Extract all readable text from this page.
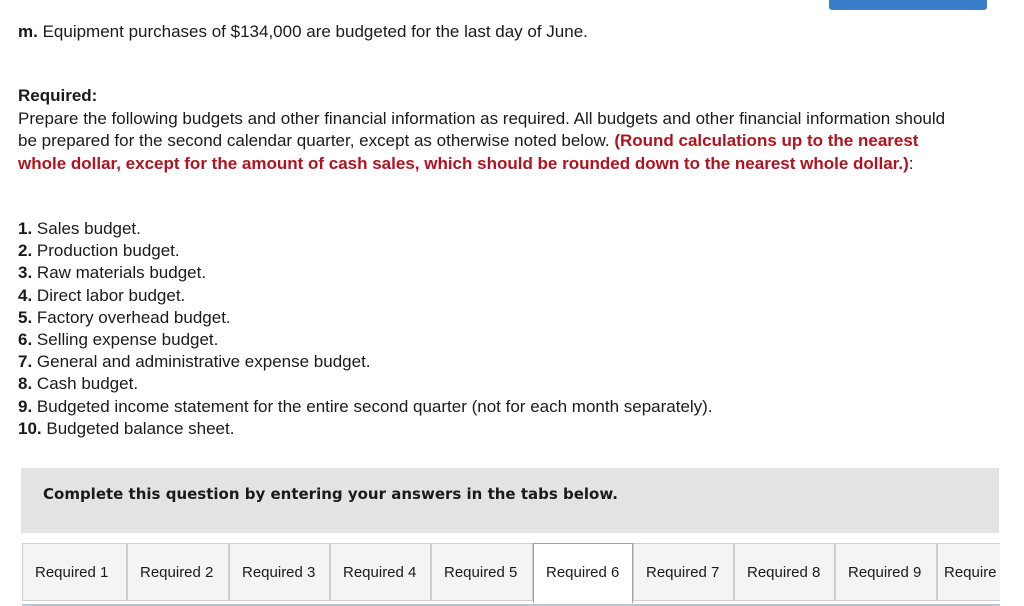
m. Equipment purchases of $134,000 are budgeted for the last day of June.
Required:
Prepare the following budgets and other financial information as required. All budgets and other financial information should be prepared for the second calendar quarter, except as otherwise noted below. (Round calculations up to the nearest whole dollar, except for the amount of cash sales, which should be rounded down to the nearest whole dollar.):
1. Sales budget.
2. Production budget.
3. Raw materials budget.
4. Direct labor budget.
5. Factory overhead budget.
6. Selling expense budget.
7. General and administrative expense budget.
8. Cash budget.
9. Budgeted income statement for the entire second quarter (not for each month separately).
10. Budgeted balance sheet.
Complete this question by entering your answers in the tabs below.
Required 1	Required 2	Required 3	Required 4	Required 5	Required 6	Required 7	Required 8	Required 9	Require
